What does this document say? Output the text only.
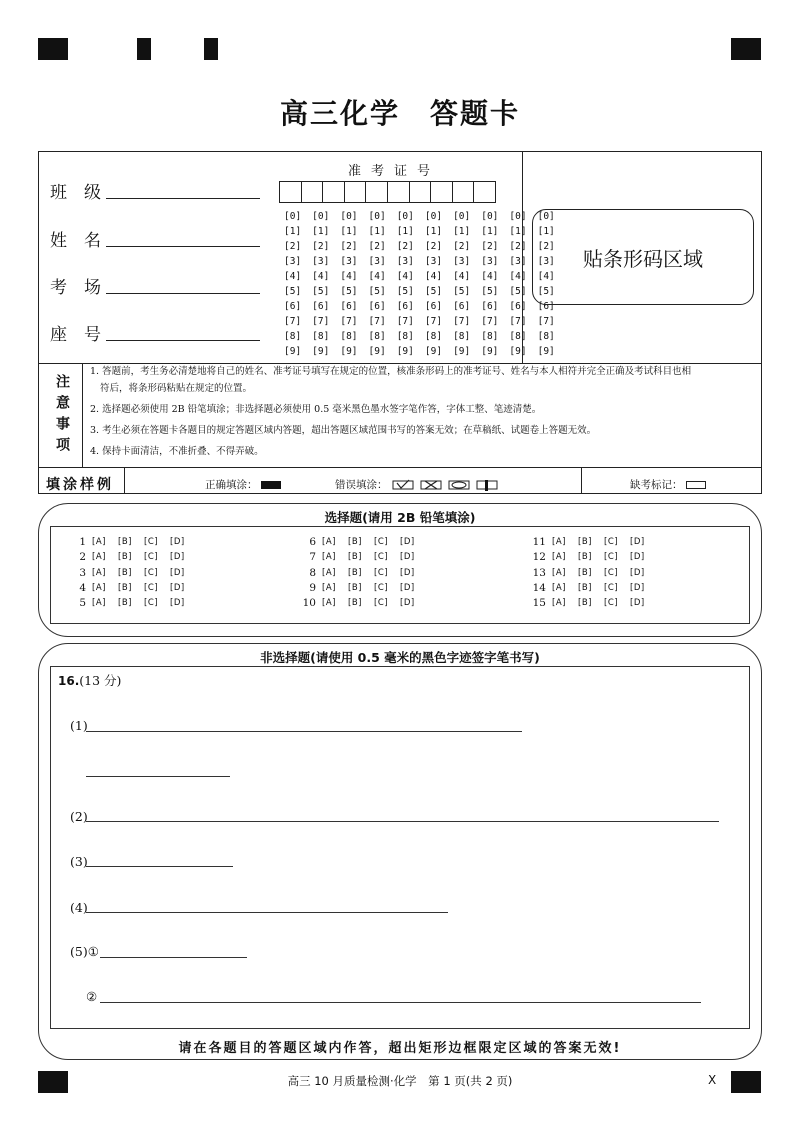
高三化学 答题卡
班　级
姓　名
考　场
座　号
准考证号
[0] [0] [0] [0] [0] [0] [0] [0] [0] [0]
[1] [1] [1] [1] [1] [1] [1] [1] [1] [1]
[2] [2] [2] [2] [2] [2] [2] [2] [2] [2]
[3] [3] [3] [3] [3] [3] [3] [3] [3] [3]
[4] [4] [4] [4] [4] [4] [4] [4] [4] [4]
[5] [5] [5] [5] [5] [5] [5] [5] [5] [5]
[6] [6] [6] [6] [6] [6] [6] [6] [6] [6]
[7] [7] [7] [7] [7] [7] [7] [7] [7] [7]
[8] [8] [8] [8] [8] [8] [8] [8] [8] [8]
[9] [9] [9] [9] [9] [9] [9] [9] [9] [9]
贴条形码区域
注意事项

1. 答题前，考生务必清楚地将自己的姓名、准考证号填写在规定的位置，核准条形码上的准考证号、姓名与本人相符并完全正确及考试科目也相

符后，将条形码粘贴在规定的位置。

2. 选择题必须使用 2B 铅笔填涂；非选择题必须使用 0.5 毫米黑色墨水签字笔作答，字体工整、笔迹清楚。

3. 考生必须在答题卡各题目的规定答题区域内答题，超出答题区域范围书写的答案无效；在草稿纸、试题卷上答题无效。

4. 保持卡面清洁，不准折叠、不得弄破。

填涂样例	正确填涂：	错误填涂：	缺考标记：
选择题(请用 2B 铅笔填涂)
1 [A]	[B]	[C]	[D]
2 [A]	[B]	[C]	[D]
3 [A]	[B]	[C]	[D]
4 [A]	[B]	[C]	[D]
5 [A]	[B]	[C]	[D]
6 [A]	[B]	[C]	[D]
7 [A]	[B]	[C]	[D]
8 [A]	[B]	[C]	[D]
9 [A]	[B]	[C]	[D]
10 [A]	[B]	[C]	[D]
11 [A]	[B]	[C]	[D]
12 [A]	[B]	[C]	[D]
13 [A]	[B]	[C]	[D]
14 [A]	[B]	[C]	[D]
15 [A]	[B]	[C]	[D]
非选择题(请使用 0.5 毫米的黑色字迹签字笔书写)
16.(13 分)
(1)
(2)
(3)
(4)
(5)①
②
请在各题目的答题区域内作答，超出矩形边框限定区域的答案无效!
高三 10 月质量检测·化学　第 1 页(共 2 页)	X
